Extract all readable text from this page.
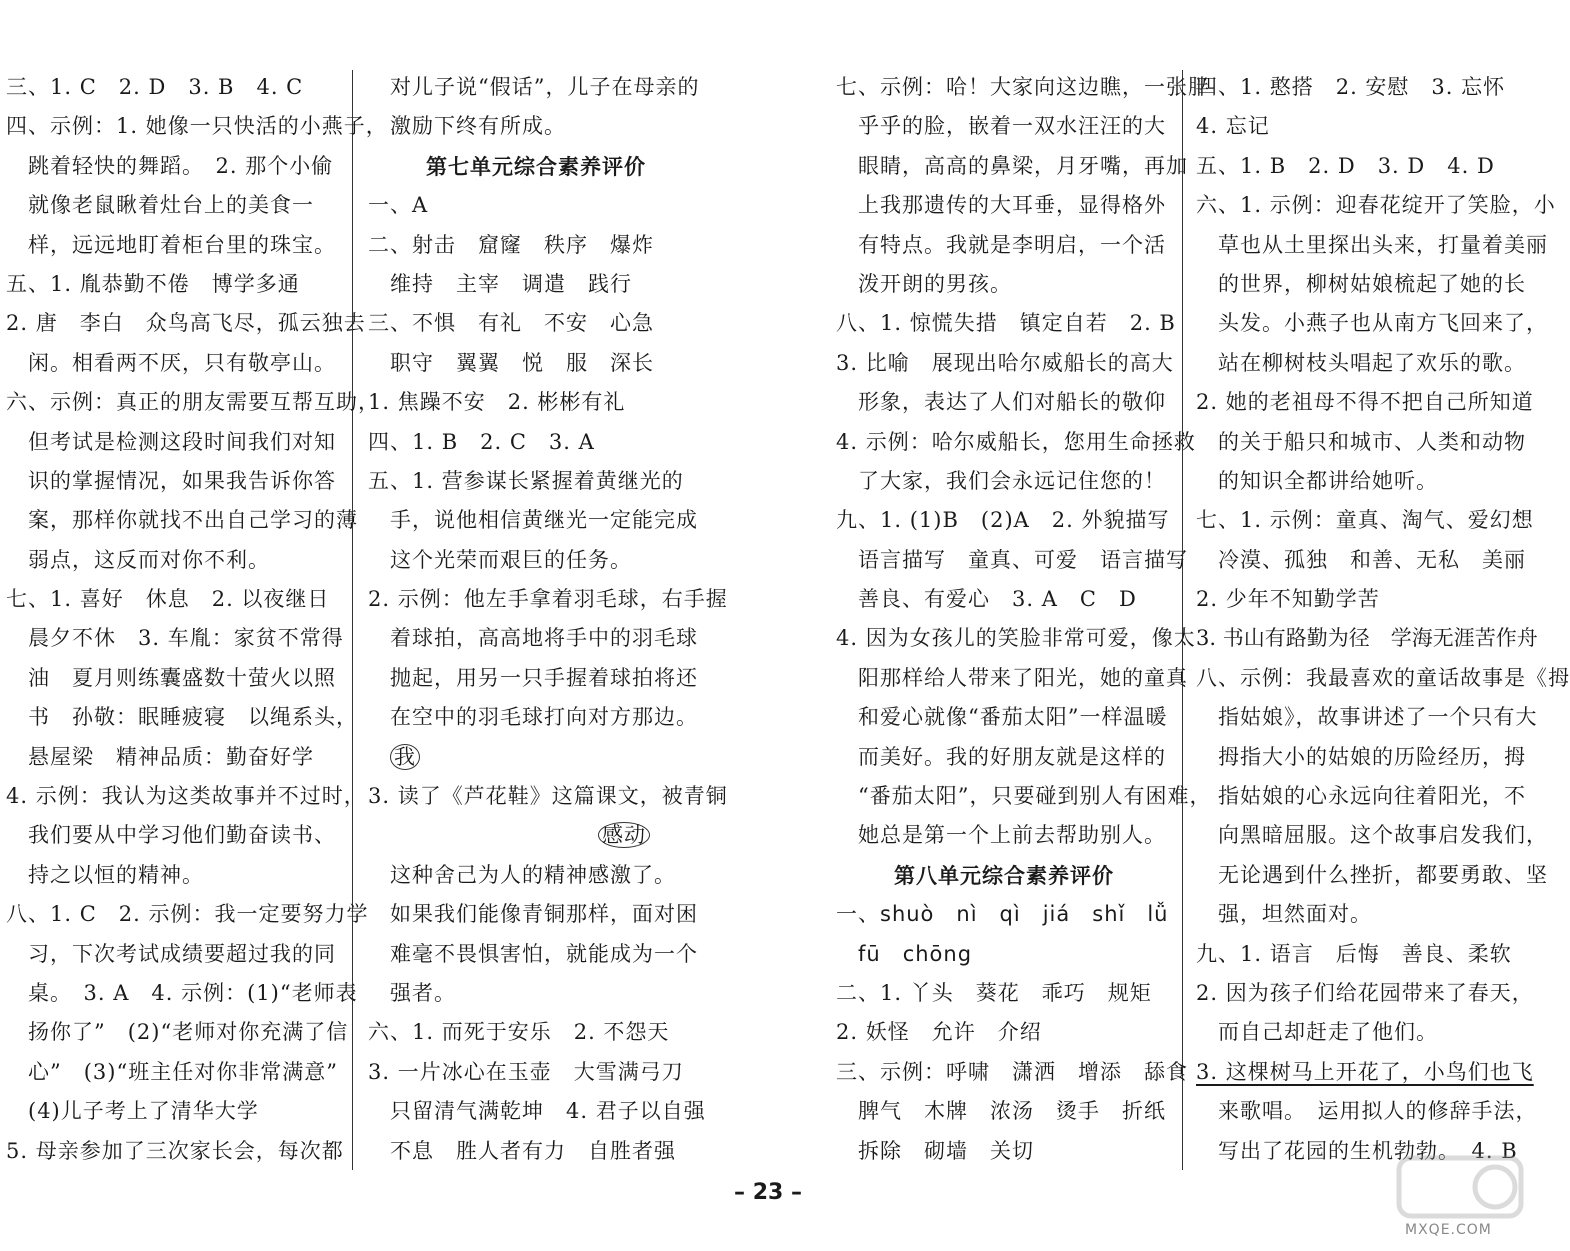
三、1. C　2. D　3. B　4. C
四、示例：1. 她像一只快活的小燕子，
跳着轻快的舞蹈。　2. 那个小偷
就像老鼠瞅着灶台上的美食一
样，远远地盯着柜台里的珠宝。
五、1. 胤恭勤不倦　博学多通
2. 唐　李白　众鸟高飞尽，孤云独去
闲。相看两不厌，只有敬亭山。
六、示例：真正的朋友需要互帮互助，
但考试是检测这段时间我们对知
识的掌握情况，如果我告诉你答
案，那样你就找不出自己学习的薄
弱点，这反而对你不利。
七、1. 喜好　休息　2. 以夜继日
晨夕不休　3. 车胤：家贫不常得
油　夏月则练囊盛数十萤火以照
书　孙敬：眠睡疲寝　以绳系头，
悬屋梁　精神品质：勤奋好学
4. 示例：我认为这类故事并不过时，
我们要从中学习他们勤奋读书、
持之以恒的精神。
八、1. C　2. 示例：我一定要努力学
习，下次考试成绩要超过我的同
桌。　3. A　4. 示例：(1)“老师表
扬你了”　(2)“老师对你充满了信
心”　(3)“班主任对你非常满意”
(4)儿子考上了清华大学
5. 母亲参加了三次家长会，每次都
对儿子说“假话”，儿子在母亲的
激励下终有所成。
第七单元综合素养评价
一、A
二、射击　窟窿　秩序　爆炸
维持　主宰　调遣　践行
三、不惧　有礼　不安　心急
职守　翼翼　悦　服　深长
1. 焦躁不安　2. 彬彬有礼
四、1. B　2. C　3. A
五、1. 营参谋长紧握着黄继光的
手，说他相信黄继光一定能完成
这个光荣而艰巨的任务。
2. 示例：他左手拿着羽毛球，右手握
着球拍，高高地将手中的羽毛球
抛起，用另一只手握着球拍将还
在空中的羽毛球打向对方那边。
我
3. 读了《芦花鞋》这篇课文，被青铜
感动
这种舍己为人的精神感激了。
如果我们能像青铜那样，面对困
难毫不畏惧害怕，就能成为一个
强者。
六、1. 而死于安乐　2. 不怨天
3. 一片冰心在玉壶　大雪满弓刀
只留清气满乾坤　4. 君子以自强
不息　胜人者有力　自胜者强
七、示例：哈！大家向这边瞧，一张胖
乎乎的脸，嵌着一双水汪汪的大
眼睛，高高的鼻梁，月牙嘴，再加
上我那遗传的大耳垂，显得格外
有特点。我就是李明启，一个活
泼开朗的男孩。
八、1. 惊慌失措　镇定自若　2. B
3. 比喻　展现出哈尔威船长的高大
形象，表达了人们对船长的敬仰
4. 示例：哈尔威船长，您用生命拯救
了大家，我们会永远记住您的！
九、1. (1)B　(2)A　2. 外貌描写
语言描写　童真、可爱　语言描写
善良、有爱心　3. A　C　D
4. 因为女孩儿的笑脸非常可爱，像太
阳那样给人带来了阳光，她的童真
和爱心就像“番茄太阳”一样温暖
而美好。我的好朋友就是这样的
“番茄太阳”，只要碰到别人有困难，
她总是第一个上前去帮助别人。
第八单元综合素养评价
一、shuò　nì　qì　jiá　shǐ　lǚ
fū　chōng
二、1. 丫头　葵花　乖巧　规矩
2. 妖怪　允许　介绍
三、示例：呼啸　潇洒　增添　舔食
脾气　木牌　浓汤　烫手　折纸
拆除　砌墙　关切
四、1. 憨搭　2. 安慰　3. 忘怀
4. 忘记
五、1. B　2. D　3. D　4. D
六、1. 示例：迎春花绽开了笑脸，小
草也从土里探出头来，打量着美丽
的世界，柳树姑娘梳起了她的长
头发。小燕子也从南方飞回来了，
站在柳树枝头唱起了欢乐的歌。
2. 她的老祖母不得不把自己所知道
的关于船只和城市、人类和动物
的知识全都讲给她听。
七、1. 示例：童真、淘气、爱幻想
冷漠、孤独　和善、无私　美丽
2. 少年不知勤学苦
3. 书山有路勤为径　学海无涯苦作舟
八、示例：我最喜欢的童话故事是《拇
指姑娘》，故事讲述了一个只有大
拇指大小的姑娘的历险经历，拇
指姑娘的心永远向往着阳光，不
向黑暗屈服。这个故事启发我们，
无论遇到什么挫折，都要勇敢、坚
强，坦然面对。
九、1. 语言　后悔　善良、柔软
2. 因为孩子们给花园带来了春天，
而自己却赶走了他们。
3. 这棵树马上开花了，小鸟们也飞
来歌唱。　运用拟人的修辞手法，
写出了花园的生机勃勃。　4. B
– 23 –
MXQE.COM
